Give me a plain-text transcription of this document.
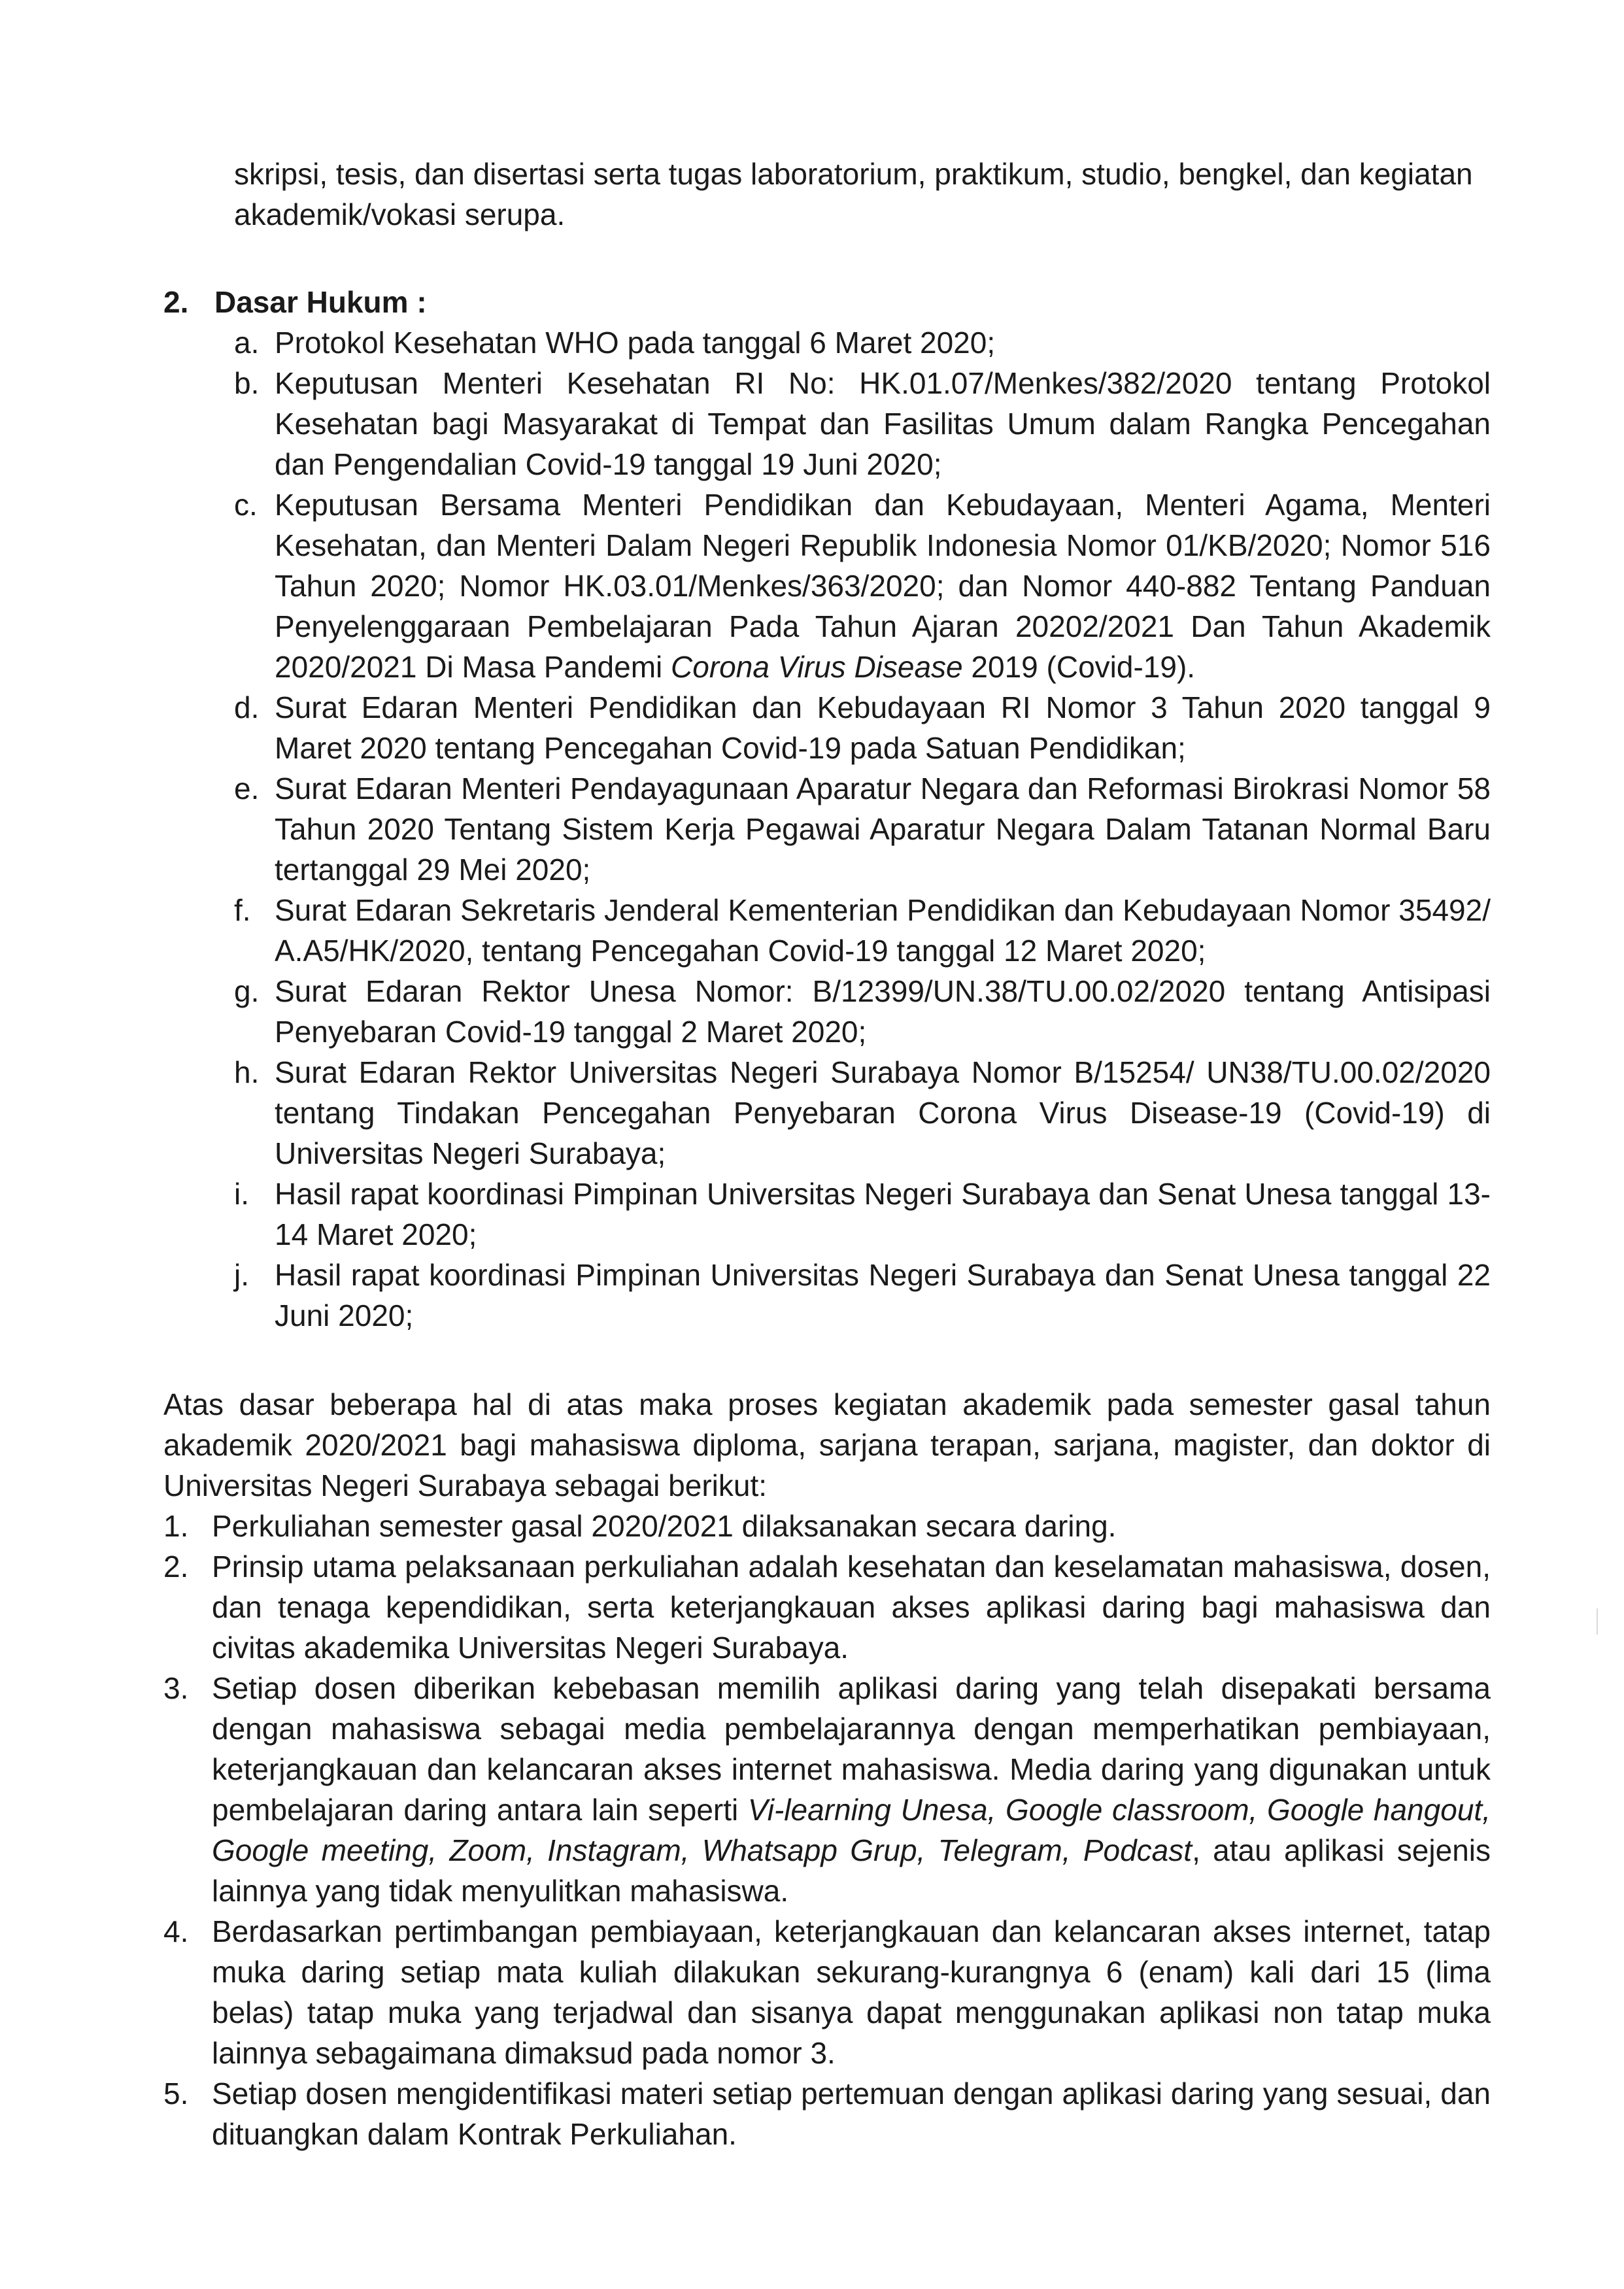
skripsi, tesis, dan disertasi serta tugas laboratorium, praktikum, studio, bengkel, dan kegiatan akademik/vokasi serupa.

2. Dasar Hukum :
a. Protokol Kesehatan WHO pada tanggal 6 Maret 2020;
b. Keputusan Menteri Kesehatan RI No: HK.01.07/Menkes/382/2020 tentang Protokol Kesehatan bagi Masyarakat di Tempat dan Fasilitas Umum dalam Rangka Pencegahan dan Pengendalian Covid-19 tanggal 19 Juni 2020;
c. Keputusan Bersama Menteri Pendidikan dan Kebudayaan, Menteri Agama, Menteri Kesehatan, dan Menteri Dalam Negeri Republik Indonesia Nomor 01/KB/2020; Nomor 516 Tahun 2020; Nomor HK.03.01/Menkes/363/2020; dan Nomor 440-882 Tentang Panduan Penyelenggaraan Pembelajaran Pada Tahun Ajaran 20202/2021 Dan Tahun Akademik 2020/2021 Di Masa Pandemi Corona Virus Disease 2019 (Covid-19).
d. Surat Edaran Menteri Pendidikan dan Kebudayaan RI Nomor 3 Tahun 2020 tanggal 9 Maret 2020 tentang Pencegahan Covid-19 pada Satuan Pendidikan;
e. Surat Edaran Menteri Pendayagunaan Aparatur Negara dan Reformasi Birokrasi Nomor 58 Tahun 2020 Tentang Sistem Kerja Pegawai Aparatur Negara Dalam Tatanan Normal Baru tertanggal 29 Mei 2020;
f. Surat Edaran Sekretaris Jenderal Kementerian Pendidikan dan Kebudayaan Nomor 35492/ A.A5/HK/2020, tentang Pencegahan Covid-19 tanggal 12 Maret 2020;
g. Surat Edaran Rektor Unesa Nomor: B/12399/UN.38/TU.00.02/2020 tentang Antisipasi Penyebaran Covid-19 tanggal 2 Maret 2020;
h. Surat Edaran Rektor Universitas Negeri Surabaya Nomor B/15254/ UN38/TU.00.02/2020 tentang Tindakan Pencegahan Penyebaran Corona Virus Disease-19 (Covid-19) di Universitas Negeri Surabaya;
i. Hasil rapat koordinasi Pimpinan Universitas Negeri Surabaya dan Senat Unesa tanggal 13-14 Maret 2020;
j. Hasil rapat koordinasi Pimpinan Universitas Negeri Surabaya dan Senat Unesa tanggal 22 Juni 2020;

Atas dasar beberapa hal di atas maka proses kegiatan akademik pada semester gasal tahun akademik 2020/2021 bagi mahasiswa diploma, sarjana terapan, sarjana, magister, dan doktor di Universitas Negeri Surabaya sebagai berikut:

1. Perkuliahan semester gasal 2020/2021 dilaksanakan secara daring.
2. Prinsip utama pelaksanaan perkuliahan adalah kesehatan dan keselamatan mahasiswa, dosen, dan tenaga kependidikan, serta keterjangkauan akses aplikasi daring bagi mahasiswa dan civitas akademika Universitas Negeri Surabaya.
3. Setiap dosen diberikan kebebasan memilih aplikasi daring yang telah disepakati bersama dengan mahasiswa sebagai media pembelajarannya dengan memperhatikan pembiayaan, keterjangkauan dan kelancaran akses internet mahasiswa. Media daring yang digunakan untuk pembelajaran daring antara lain seperti Vi-learning Unesa, Google classroom, Google hangout, Google meeting, Zoom, Instagram, Whatsapp Grup, Telegram, Podcast, atau aplikasi sejenis lainnya yang tidak menyulitkan mahasiswa.
4. Berdasarkan pertimbangan pembiayaan, keterjangkauan dan kelancaran akses internet, tatap muka daring setiap mata kuliah dilakukan sekurang-kurangnya 6 (enam) kali dari 15 (lima belas) tatap muka yang terjadwal dan sisanya dapat menggunakan aplikasi non tatap muka lainnya sebagaimana dimaksud pada nomor 3.
5. Setiap dosen mengidentifikasi materi setiap pertemuan dengan aplikasi daring yang sesuai, dan dituangkan dalam Kontrak Perkuliahan.
